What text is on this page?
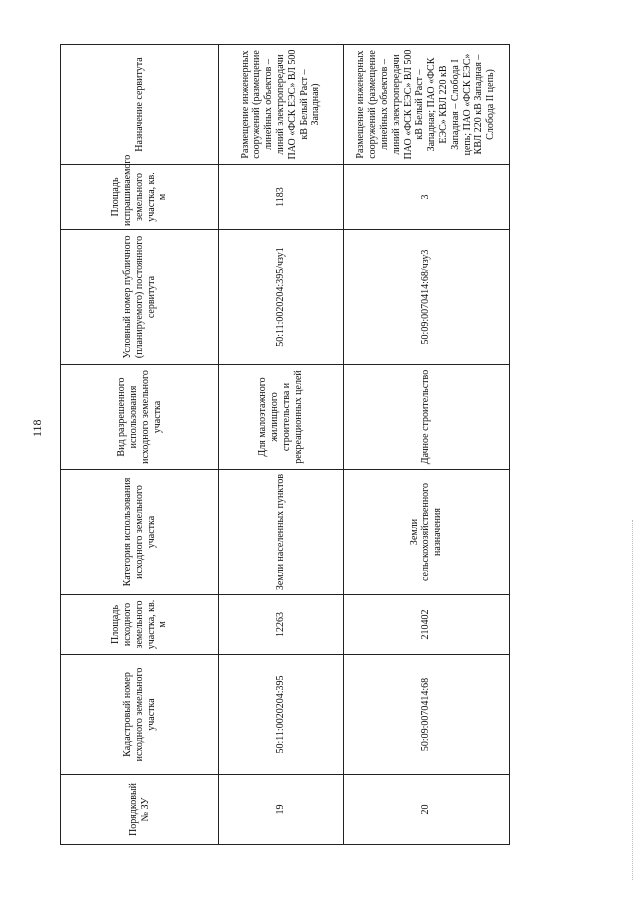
118
Порядковый № ЗУ	Кадастровый номер исходного земельного участка	Площадь исходного земельного участка, кв. м	Категория использования исходного земельного участка	Вид разрешенного использования исходного земельного участка	Условный номер публичного (планируемого) постоянного сервитута	Площадь испрашиваемого земельного участка, кв. м	Назначение сервитута
19	50:11:0020204:395	12263	Земли населенных пунктов	Для малоэтажного жилищного строительства и рекреационных целей	50:11:0020204:395/чзу1	1183	Размещение инженерных сооружений (размещение линейных объектов – линий электропередачи ПАО «ФСК ЕЭС» ВЛ 500 кВ Белый Раст – Западная)
20	50:09:0070414:68	210402	Земли сельскохозяйственного назначения	Дачное строительство	50:09:0070414:68/чзу3	3	Размещение инженерных сооружений (размещение линейных объектов – линий электропередачи ПАО «ФСК ЕЭС» ВЛ 500 кВ Белый Раст – Западная; ПАО «ФСК ЕЭС» КВЛ 220 кВ Западная – Слобода I цепь; ПАО «ФСК ЕЭС» КВЛ 220 кВ Западная – Слобода II цепь)
